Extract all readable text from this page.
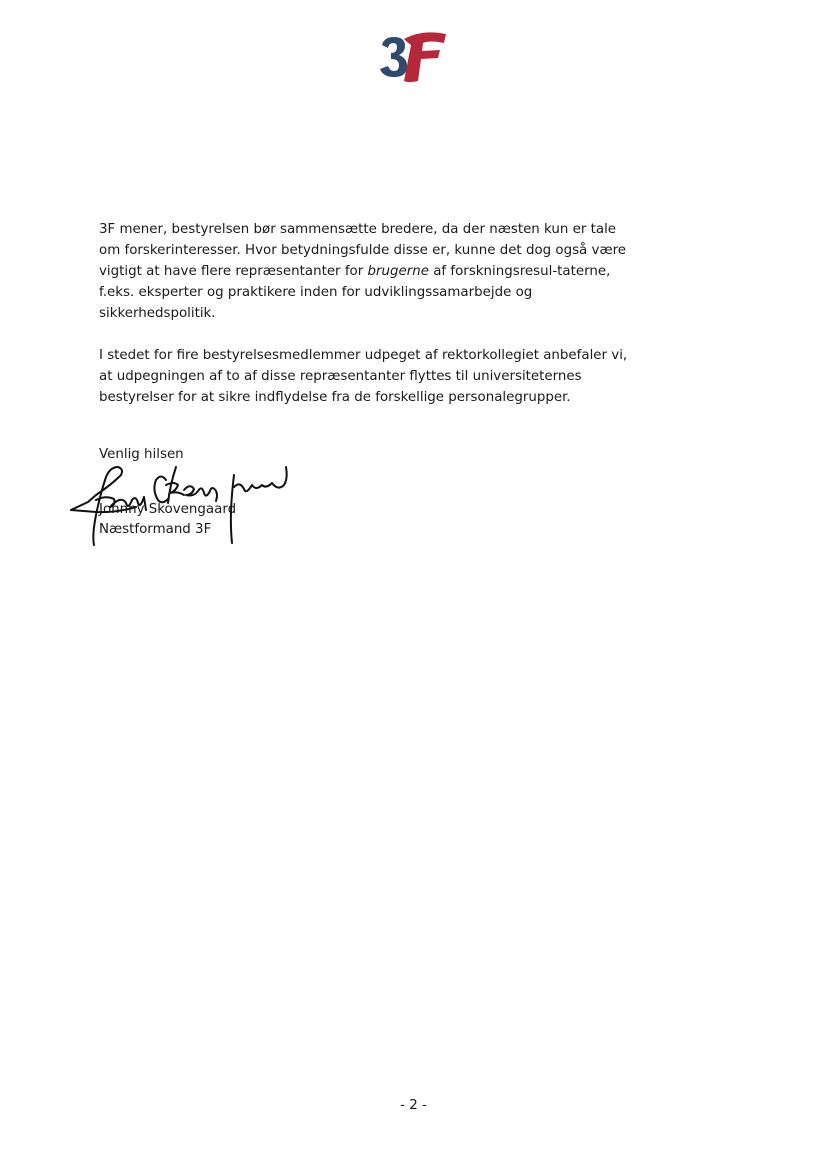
3F mener, bestyrelsen bør sammensætte bredere, da der næsten kun er tale om forskerinteresser. Hvor betydningsfulde disse er, kunne det dog også være vigtigt at have flere repræsentanter for brugerne af forskningsresul-taterne, f.eks. eksperter og praktikere inden for udviklingssamarbejde og sikkerhedspolitik.

I stedet for fire bestyrelsesmedlemmer udpeget af rektorkollegiet anbefaler vi, at udpegningen af to af disse repræsentanter flyttes til universiteternes bestyrelser for at sikre indflydelse fra de forskellige personalegrupper.

Venlig hilsen
Johnny Skovengaard
Næstformand 3F
- 2 -
